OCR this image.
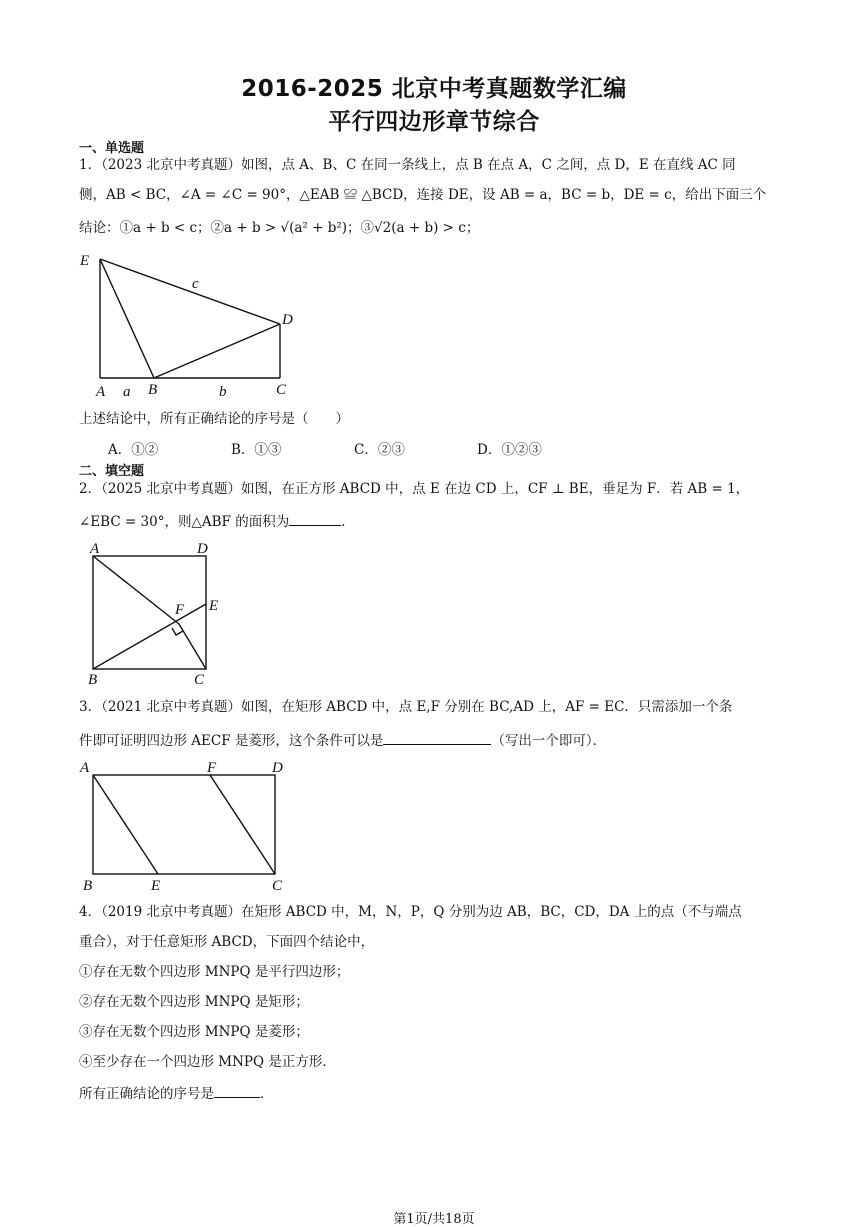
2016-2025 北京中考真题数学汇编
平行四边形章节综合
一、单选题
1．（2023 北京中考真题）如图，点 A、B、C 在同一条线上，点 B 在点 A，C 之间，点 D，E 在直线 AC 同
侧，AB < BC，∠A = ∠C = 90°，△EAB ≌ △BCD，连接 DE，设 AB = a，BC = b，DE = c，给出下面三个
结论：①a + b < c；②a + b > √(a² + b²)；③√2(a + b) > c；
E
A	B	C
D
a	b
c
上述结论中，所有正确结论的序号是（　　）
A．①②	B．①③	C．②③	D．①②③
二、填空题
2．（2025 北京中考真题）如图，在正方形 ABCD 中，点 E 在边 CD 上，CF ⊥ BE，垂足为 F．若 AB = 1，
∠EBC = 30°，则△ABF 的面积为	．
A	D
F E
B	C
3．（2021 北京中考真题）如图，在矩形 ABCD 中，点 E,F 分别在 BC,AD 上，AF = EC．只需添加一个条
件即可证明四边形 AECF 是菱形，这个条件可以是	（写出一个即可）．
A	F	D
B	E	C
4．（2019 北京中考真题）在矩形 ABCD 中，M，N，P，Q 分别为边 AB，BC，CD，DA 上的点（不与端点
重合），对于任意矩形 ABCD，下面四个结论中，
①存在无数个四边形 MNPQ 是平行四边形；
②存在无数个四边形 MNPQ 是矩形；
③存在无数个四边形 MNPQ 是菱形；
④至少存在一个四边形 MNPQ 是正方形．
所有正确结论的序号是	．
第1页/共18页
